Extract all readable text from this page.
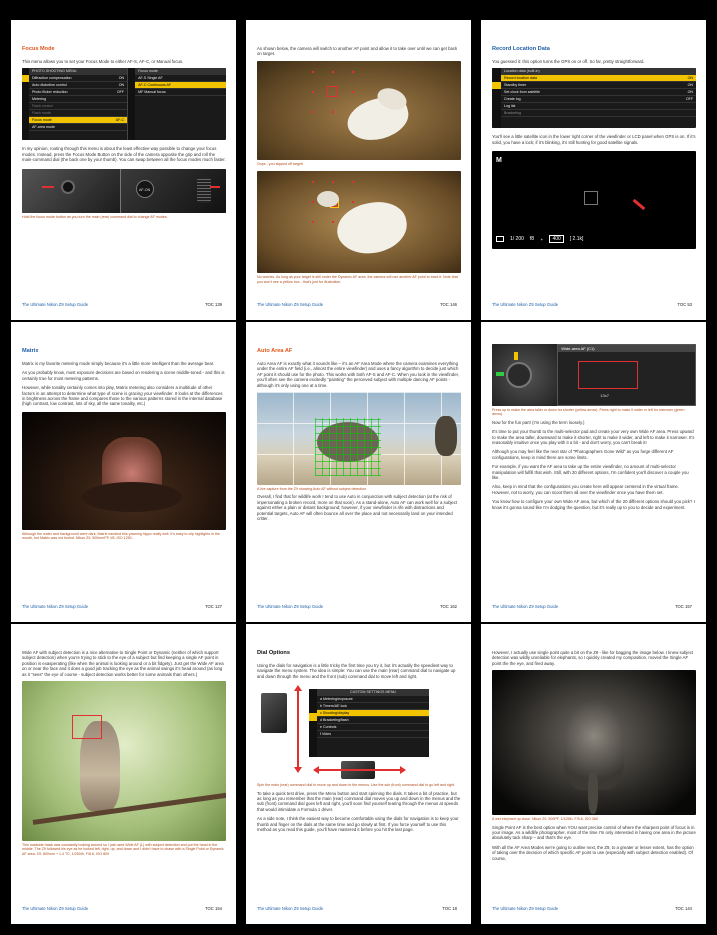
Focus Mode

This menu allows you to set your Focus Mode to either AF-S, AF-C, or Manual focus.

PHOTO SHOOTING MENU
Diffraction compensation	ON
Auto distortion control	ON
Photo flicker reduction	OFF
Metering
Flash control
Flash mode
Focus mode	AF-C
AF-area mode
Focus mode
AF-S Single AF
AF-C Continuous AF
MF Manual focus

In my opinion, rooting through this menu is about the least effective way possible to change your focus modes. Instead, press the Focus Mode Button on the side of the camera opposite the grip and roll the main-command dial (the back one by your thumb). You can swap between all the focus modes much faster.

AF-ON
Hold the focus mode button as you turn the main (rear) command dial to change AF modes.
The Ultimate Nikon Z9 Setup Guide	TOC 139

As shown below, the camera will switch to another AF point and allow it to take over until we can get back on target.

Oops - you slipped off target!
No worries. As long as your target is still under the Dynamic AF area, the camera will use another AF point to track it. Note that you won't see a yellow box - that's just for illustration.
The Ultimate Nikon Z9 Setup Guide	TOC 146
Record Location Data

You guessed it: this option turns the GPS on or off. So far, pretty straightforward.

Location data (built-in)
Record location data	ON
Standby timer	ON
Set clock from satellite	ON
Create log	OFF
Log list
Bracketing

You'll see a little satellite icon in the lower right corner of the viewfinder or LCD panel when GPS is on. If it's solid, you have a lock; if it's blinking, it's still hunting for good satellite signals.

M
1/ 200 f8 ✦	400	[ 2.1k]
The Ultimate Nikon Z9 Setup Guide	TOC 53
Matrix

Matrix is my favorite metering mode simply because it's a little more intelligent than the average bear.

As you probably know, most exposure decisions are based on rendering a scene middle-toned - and this is certainly true for most metering patterns.

However, while tonality certainly comes into play, Matrix metering also considers a multitude of other factors in an attempt to determine what type of scene is gracing your viewfinder. It looks at the differences in brightness across the frame and compares those to the various patterns stored in the internal database (high contrast, low contrast, lots of sky, all the same tonality, etc.)

Although the water and background were dark, Matrix handled this yawning hippo really well. It's easy to clip highlights in the mouth, but Matrix was not fooled. Nikon Z9, 500mmPF, f/8, ISO 1250.
The Ultimate Nikon Z9 Setup Guide	TOC 127
Auto Area AF

Auto Area AF is exactly what it sounds like – it's an AF Area Mode where the camera examines everything under the entire AF field (i.e., almost the entire viewfinder) and uses a fancy algorithm to decide just which AF point it should use for the photo. This works with both AF-S and AF-C. When you look in the viewfinder, you'll often see the camera excitedly "painting" the perceived subject with multiple dancing AF points - although it's only using one at a time.

A live capture from the Z9 showing Auto AF without subject detection.

Overall, I find that for wildlife work I tend to use Auto in conjunction with subject detection (at the risk of impersonating a broken record, more on that soon). As a stand-alone, Auto AF can work well for a subject against either a plain or distant background; however, if your viewfinder is rife with distractions and potential targets, Auto AF will often bounce all over the place and not necessarily land on your intended critter.

The Ultimate Nikon Z9 Setup Guide	TOC 162
Wide-area AF (C1)
13x7
Press up to make the area taller or down for shorter (yellow arrow). Press right to make it wider or left for narrower (green arrow).

Now for the fun part! (I'm using the term loosely.)

It's time to put your thumb to the multi-selector pad and create your very own Wide AF area. Press upward to make the area taller, downward to make it shorter, right to make it wider, and left to make it narrower. It's reasonably intuitive once you play with it a bit - and don't worry, you can't break it!

Although you may feel like the next star of "Photographers Gone Wild" as you forge different AF configurations, keep in mind there are some limits.

For example, if you want the AF area to take up the entire viewfinder, no amount of multi-selector manipulation will fulfill that wish. Still, with 20 different options, I'm confident you'll discover a couple you like.

Also, keep in mind that the configurations you create here will appear centered in the virtual frame. However, not to worry, you can scoot them all over the viewfinder once you have them set.

You know how to configure your own Wide AF area, but which of the 20 different options should you pick? I know it's gonna sound like I'm dodging the question, but it's really up to you to decide and experiment.

The Ultimate Nikon Z9 Setup Guide	TOC 157

Wide AF with subject detection is a nice alternative to Single Point or Dynamic (neither of which support subject detection) when you're trying to stick to the eye of a subject but find keeping a single AF point in position is exasperating (like when the animal is looking around or a bit fidgety). Just get the Wide AF area on or near the face and it does a good job tracking the eye as the animal swings it's head around (as long as it "sees" the eye of course - subject detection works better for some animals than others.)

This roadside hawk was constantly looking around so I just used Wide AF (L) with subject detection and put the head in the middle. The Z9 followed his eye as he looked left, right, up, and down and I didn't have to chase with a Single Point or Dynamic AF area. Z9, 800mm + 1.4 TC, 1/250th, F/8.6, ISO 800
The Ultimate Nikon Z9 Setup Guide	TOC 154
Dial Options

Using the dials for navigation is a little tricky the first time you try it, but it's actually the speediest way to navigate the menu system. The idea is simple: You can use the main (rear) command dial to navigate up and down through the menu and the front (sub) command dial to move left and right.

CUSTOM SETTINGS MENU
a Metering/exposure
b Timers/AE lock
c Shooting/display
d Bracketing/flash
e Controls
f Video
Spin the main (rear) command dial to move up and down in the menus. Use the sub (front) command dial to go left and right.

To take a quick test drive, press the Menu button and start spinning the dials. It takes a bit of practice, but as long as you remember that the main (rear) command dial moves you up and down in the menus and the sub (front) command dial goes left and right, you'll soon find yourself tearing through the menus at speeds that would intimidate a Formula 1 driver.

As a side note, I think the easiest way to become comfortable using the dials for navigation is to keep your thumb and finger on the dials at the same time and go slowly at first. If you force yourself to use this method as you read this guide, you'll have mastered it before you hit the last page.

The Ultimate Nikon Z9 Setup Guide	TOC 18

However, I actually use single point quite a bit on the Z9 - like for bagging the image below. I knew subject detection was wildly unreliable for elephants, so I quickly created my composition, moved the Single AF point the the eye, and fired away.

A wet elephant up close. Nikon Z9, 500PF, 1/125th, F/5.6, ISO 360

Single Point AF is the best option when YOU want precise control of where the sharpest point of focus is in your image. As a wildlife photographer, most of the time I'm only interested in having one area in the picture absolutely tack sharp – and that's the eye.

With all the AF Area Modes we're going to outline next, the Z9, to a greater or lesser extent, has the option of taking over the decision of which specific AF point to use (especially with subject detection enabled). Of course,

The Ultimate Nikon Z9 Setup Guide	TOC 144
